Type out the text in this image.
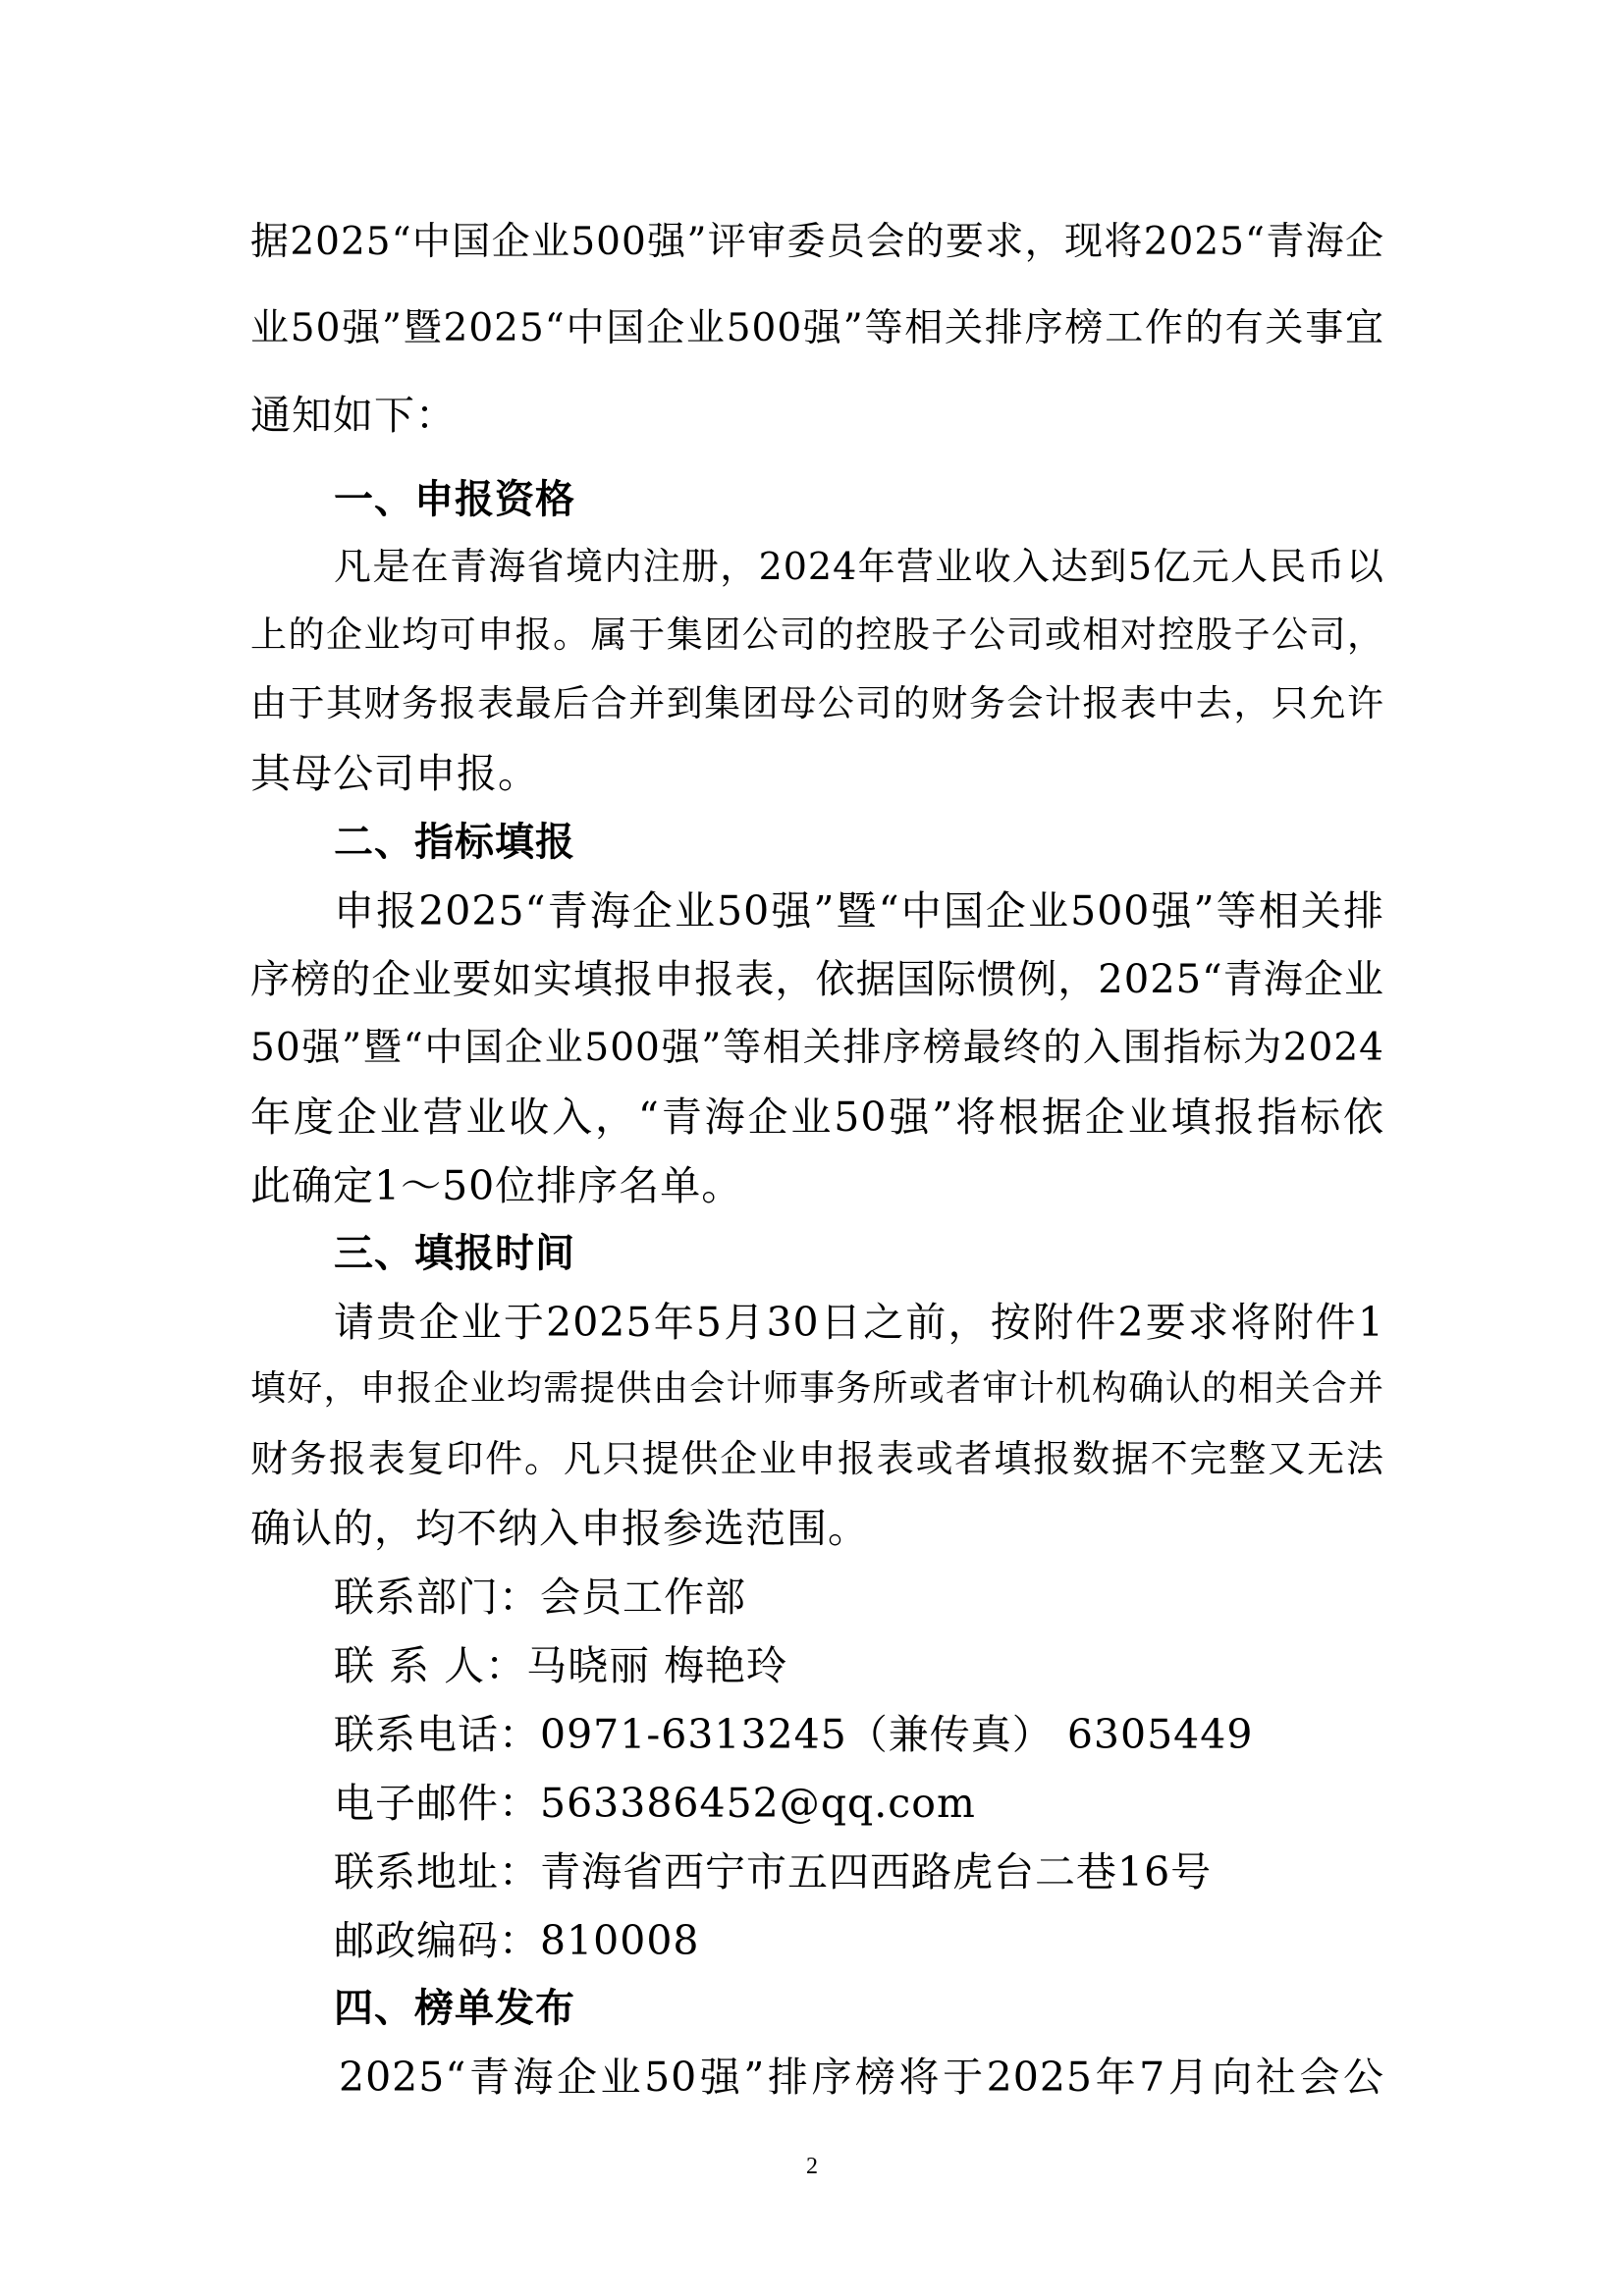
据2025“中国企业500强”评审委员会的要求，现将2025“青海企
业50强”暨2025“中国企业500强”等相关排序榜工作的有关事宜
通知如下：
一、申报资格
凡是在青海省境内注册，2024年营业收入达到5亿元人民币以
上的企业均可申报。属于集团公司的控股子公司或相对控股子公司，
由于其财务报表最后合并到集团母公司的财务会计报表中去，只允许
其母公司申报。
二、指标填报
申报2025“青海企业50强”暨“中国企业500强”等相关排
序榜的企业要如实填报申报表，依据国际惯例，2025“青海企业
50强”暨“中国企业500强”等相关排序榜最终的入围指标为2024
年度企业营业收入，“青海企业50强”将根据企业填报指标依
此确定1～50位排序名单。
三、填报时间
请贵企业于2025年5月30日之前，按附件2要求将附件1
填好，申报企业均需提供由会计师事务所或者审计机构确认的相关合并
财务报表复印件。凡只提供企业申报表或者填报数据不完整又无法
确认的，均不纳入申报参选范围。
联系部门：会员工作部
联 系 人：马晓丽 梅艳玲
联系电话：0971-6313245（兼传真） 6305449
电子邮件：563386452@qq.com
联系地址：青海省西宁市五四西路虎台二巷16号
邮政编码：810008
四、榜单发布
2025“青海企业50强”排序榜将于2025年7月向社会公
2
